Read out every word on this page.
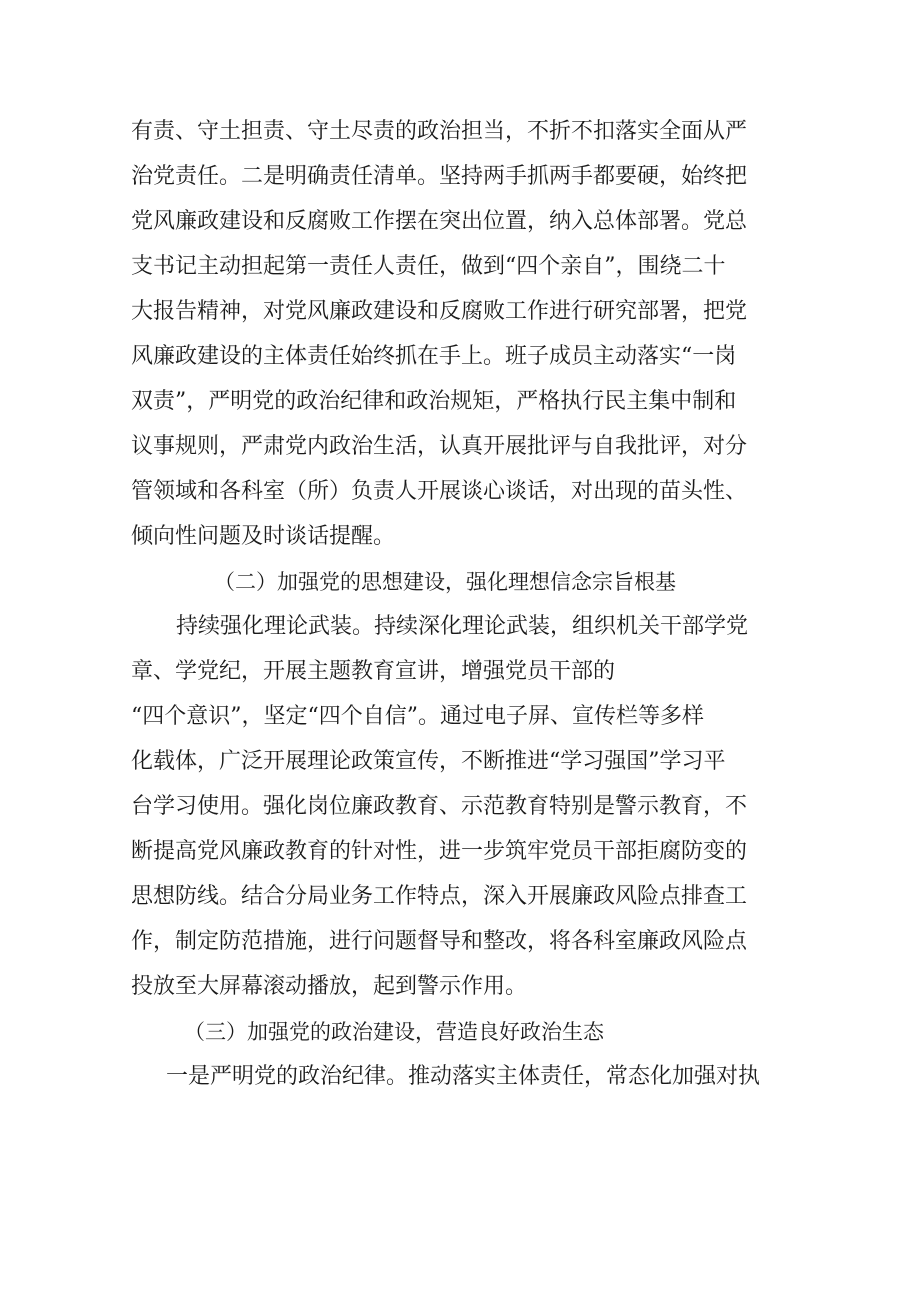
有责、守土担责、守土尽责的政治担当，不折不扣落实全面从严
治党责任。二是明确责任清单。坚持两手抓两手都要硬，始终把
党风廉政建设和反腐败工作摆在突出位置，纳入总体部署。党总
支书记主动担起第一责任人责任，做到“四个亲自”，围绕二十
大报告精神，对党风廉政建设和反腐败工作进行研究部署，把党
风廉政建设的主体责任始终抓在手上。班子成员主动落实“一岗
双责”，严明党的政治纪律和政治规矩，严格执行民主集中制和
议事规则，严肃党内政治生活，认真开展批评与自我批评，对分
管领域和各科室（所）负责人开展谈心谈话，对出现的苗头性、
倾向性问题及时谈话提醒。
（二）加强党的思想建设，强化理想信念宗旨根基
持续强化理论武装。持续深化理论武装，组织机关干部学党
章、学党纪，开展主题教育宣讲，增强党员干部的
“四个意识”，坚定“四个自信”。通过电子屏、宣传栏等多样
化载体，广泛开展理论政策宣传，不断推进“学习强国”学习平
台学习使用。强化岗位廉政教育、示范教育特别是警示教育，不
断提高党风廉政教育的针对性，进一步筑牢党员干部拒腐防变的
思想防线。结合分局业务工作特点，深入开展廉政风险点排查工
作，制定防范措施，进行问题督导和整改，将各科室廉政风险点
投放至大屏幕滚动播放，起到警示作用。
（三）加强党的政治建设，营造良好政治生态
一是严明党的政治纪律。推动落实主体责任，常态化加强对执
